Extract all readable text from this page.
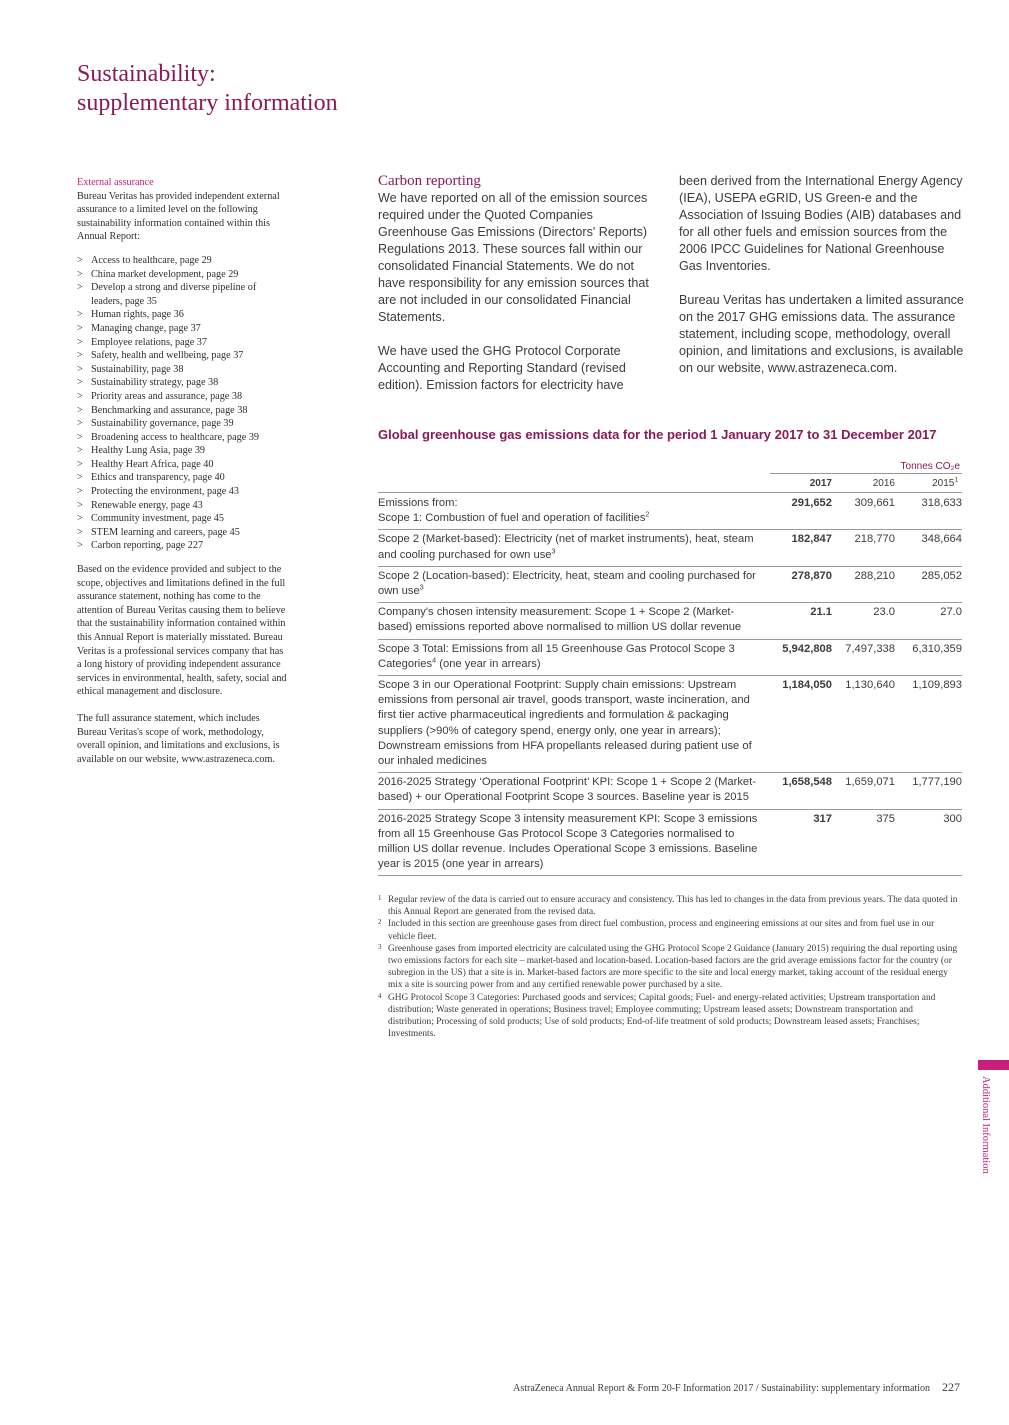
Sustainability:
supplementary information
External assurance
Bureau Veritas has provided independent external assurance to a limited level on the following sustainability information contained within this Annual Report:
> Access to healthcare, page 29
> China market development, page 29
> Develop a strong and diverse pipeline of leaders, page 35
> Human rights, page 36
> Managing change, page 37
> Employee relations, page 37
> Safety, health and wellbeing, page 37
> Sustainability, page 38
> Sustainability strategy, page 38
> Priority areas and assurance, page 38
> Benchmarking and assurance, page 38
> Sustainability governance, page 39
> Broadening access to healthcare, page 39
> Healthy Lung Asia, page 39
> Healthy Heart Africa, page 40
> Ethics and transparency, page 40
> Protecting the environment, page 43
> Renewable energy, page 43
> Community investment, page 45
> STEM learning and careers, page 45
> Carbon reporting, page 227

Based on the evidence provided and subject to the scope, objectives and limitations defined in the full assurance statement, nothing has come to the attention of Bureau Veritas causing them to believe that the sustainability information contained within this Annual Report is materially misstated. Bureau Veritas is a professional services company that has a long history of providing independent assurance services in environmental, health, safety, social and ethical management and disclosure.

The full assurance statement, which includes Bureau Veritas's scope of work, methodology, overall opinion, and limitations and exclusions, is available on our website, www.astrazeneca.com.

Carbon reporting

We have reported on all of the emission sources required under the Quoted Companies Greenhouse Gas Emissions (Directors' Reports) Regulations 2013. These sources fall within our consolidated Financial Statements. We do not have responsibility for any emission sources that are not included in our consolidated Financial Statements.

We have used the GHG Protocol Corporate Accounting and Reporting Standard (revised edition). Emission factors for electricity have

been derived from the International Energy Agency (IEA), USEPA eGRID, US Green-e and the Association of Issuing Bodies (AIB) databases and for all other fuels and emission sources from the 2006 IPCC Guidelines for National Greenhouse Gas Inventories.

Bureau Veritas has undertaken a limited assurance on the 2017 GHG emissions data. The assurance statement, including scope, methodology, overall opinion, and limitations and exclusions, is available on our website, www.astrazeneca.com.

Global greenhouse gas emissions data for the period 1 January 2017 to 31 December 2017
Tonnes CO₂e
2017	2016	2015$^1$
Emissions from:
Scope 1: Combustion of fuel and operation of facilities$^2$
291,652	309,661	318,633
Scope 2 (Market-based): Electricity (net of market instruments), heat, steam and cooling purchased for own use$^3$
182,847	218,770	348,664
Scope 2 (Location-based): Electricity, heat, steam and cooling purchased for own use$^3$
278,870	288,210	285,052
Company's chosen intensity measurement: Scope 1 + Scope 2 (Market-based) emissions reported above normalised to million US dollar revenue
21.1	23.0	27.0
Scope 3 Total: Emissions from all 15 Greenhouse Gas Protocol Scope 3 Categories$^4$ (one year in arrears)
5,942,808	7,497,338	6,310,359
Scope 3 in our Operational Footprint: Supply chain emissions: Upstream emissions from personal air travel, goods transport, waste incineration, and first tier active pharmaceutical ingredients and formulation & packaging suppliers (>90% of category spend, energy only, one year in arrears); Downstream emissions from HFA propellants released during patient use of our inhaled medicines
1,184,050	1,130,640	1,109,893
2016-2025 Strategy ‘Operational Footprint’ KPI: Scope 1 + Scope 2 (Market-based) + our Operational Footprint Scope 3 sources. Baseline year is 2015
1,658,548	1,659,071	1,777,190
2016-2025 Strategy Scope 3 intensity measurement KPI: Scope 3 emissions from all 15 Greenhouse Gas Protocol Scope 3 Categories normalised to million US dollar revenue. Includes Operational Scope 3 emissions. Baseline year is 2015 (one year in arrears)
317	375	300
1 Regular review of the data is carried out to ensure accuracy and consistency. This has led to changes in the data from previous years. The data quoted in this Annual Report are generated from the revised data.
2 Included in this section are greenhouse gases from direct fuel combustion, process and engineering emissions at our sites and from fuel use in our vehicle fleet.
3 Greenhouse gases from imported electricity are calculated using the GHG Protocol Scope 2 Guidance (January 2015) requiring the dual reporting using two emissions factors for each site – market-based and location-based. Location-based factors are the grid average emissions factor for the country (or subregion in the US) that a site is in. Market-based factors are more specific to the site and local energy market, taking account of the residual energy mix a site is sourcing power from and any certified renewable power purchased by a site.
4 GHG Protocol Scope 3 Categories: Purchased goods and services; Capital goods; Fuel- and energy-related activities; Upstream transportation and distribution; Waste generated in operations; Business travel; Employee commuting; Upstream leased assets; Downstream transportation and distribution; Processing of sold products; Use of sold products; End-of-life treatment of sold products; Downstream leased assets; Franchises; Investments.
Additional Information
AstraZeneca Annual Report & Form 20-F Information 2017 / Sustainability: supplementary information 227
